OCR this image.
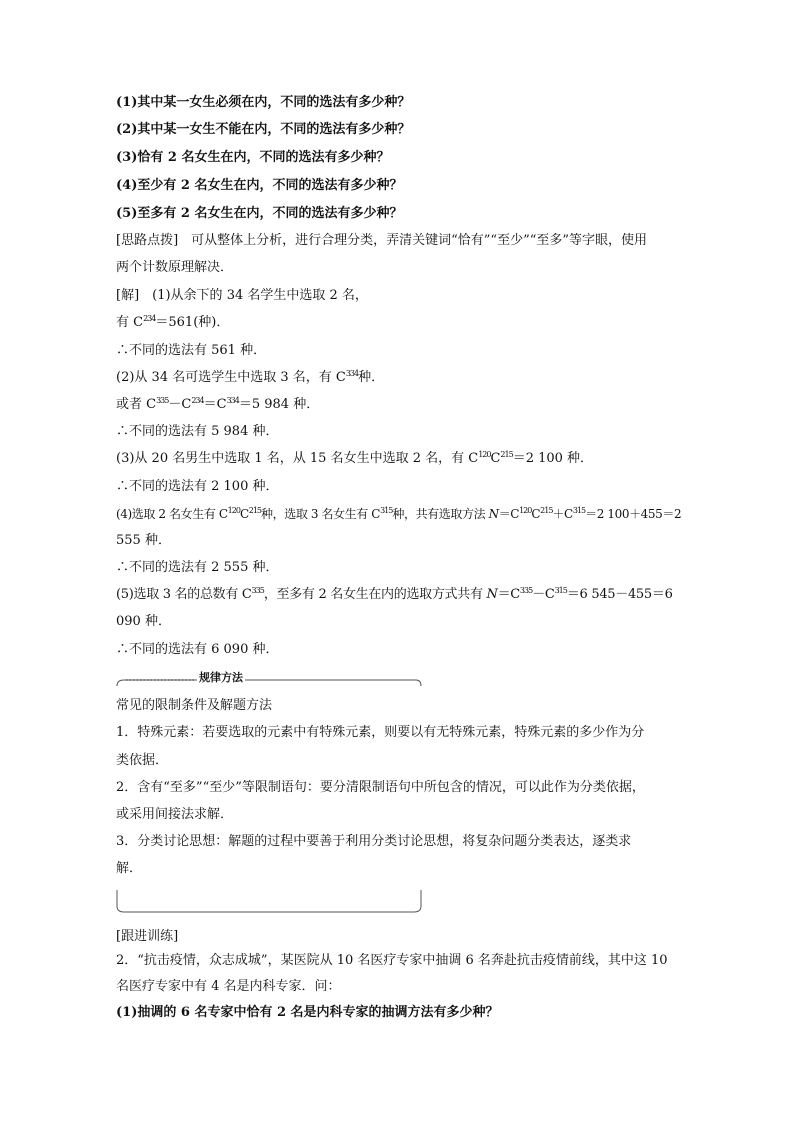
(1)其中某一女生必须在内，不同的选法有多少种？
(2)其中某一女生不能在内，不同的选法有多少种？
(3)恰有 2 名女生在内，不同的选法有多少种？
(4)至少有 2 名女生在内，不同的选法有多少种？
(5)至多有 2 名女生在内，不同的选法有多少种？
[思路点拨]　可从整体上分析，进行合理分类，弄清关键词“恰有”“至少”“至多”等字眼，使用
两个计数原理解决．
[解]　(1)从余下的 34 名学生中选取 2 名，
有 $C^{234}=561$(种)．
∴不同的选法有 561 种．
(2)从 34 名可选学生中选取 3 名，有 $C^{334}$种．
或者 $C^{335}-C^{234}=C^{334}=5$ 984 种．
∴不同的选法有 5 984 种．
(3)从 20 名男生中选取 1 名，从 15 名女生中选取 2 名，有 $C^{120}C^{215}=2$ 100 种．
∴不同的选法有 2 100 种．
(4)选取 2 名女生有 $C^{120}C^{215}$种，选取 3 名女生有 $C^{315}$种，共有选取方法 $N=C^{120}C^{215}+C^{315}=2$ 100＋455＝2
555 种．
∴不同的选法有 2 555 种．
(5)选取 3 名的总数有 $C^{335}$，至多有 2 名女生在内的选取方式共有 $N=C^{335}-C^{315}=6$ 545－455＝6
090 种．
∴不同的选法有 6 090 种．
规律方法
常见的限制条件及解题方法
1．特殊元素：若要选取的元素中有特殊元素，则要以有无特殊元素，特殊元素的多少作为分
类依据．
2．含有“至多”“至少”等限制语句：要分清限制语句中所包含的情况，可以此作为分类依据，
或采用间接法求解．
3．分类讨论思想：解题的过程中要善于利用分类讨论思想，将复杂问题分类表达，逐类求
解．
[跟进训练]
2．“抗击疫情，众志成城”，某医院从 10 名医疗专家中抽调 6 名奔赴抗击疫情前线，其中这 10
名医疗专家中有 4 名是内科专家．问：
(1)抽调的 6 名专家中恰有 2 名是内科专家的抽调方法有多少种？
